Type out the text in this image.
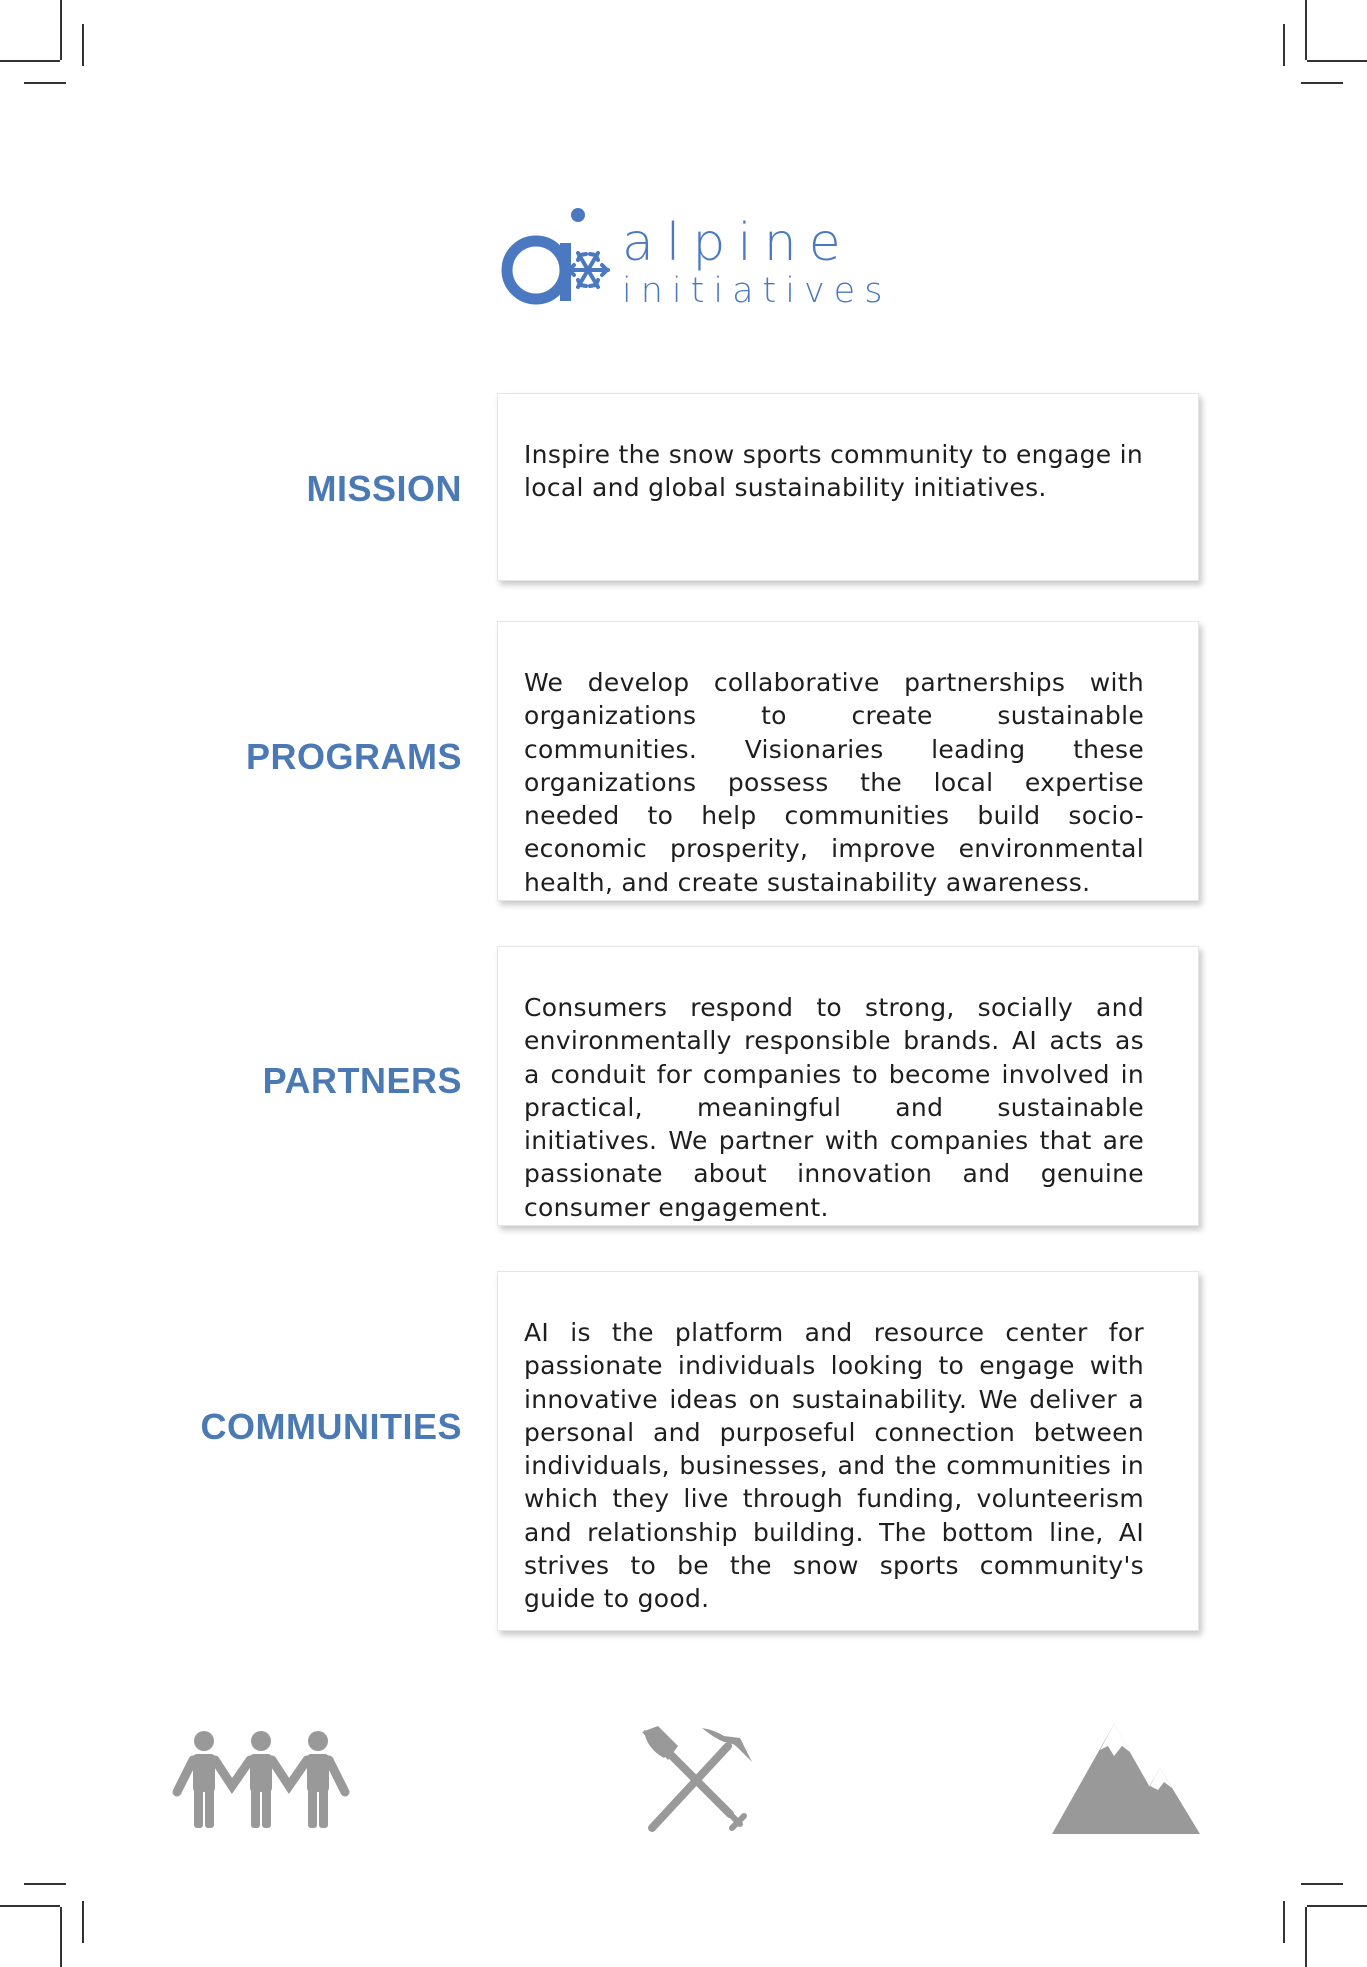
alpine
initiatives
MISSION

Inspire the snow sports community to engage in local and global sustainability initiatives.

PROGRAMS

We develop collaborative partnerships with organizations to create sustainable communities. Visionaries leading these organizations possess the local expertise needed to help communities build socio-economic prosperity, improve environmental health, and create sustainability awareness.

PARTNERS

Consumers respond to strong, socially and environmentally responsible brands. AI acts as a conduit for companies to become involved in practical, meaningful and sustainable initiatives. We partner with companies that are passionate about innovation and genuine consumer engagement.

COMMUNITIES

AI is the platform and resource center for passionate individuals looking to engage with innovative ideas on sustainability. We deliver a personal and purposeful connection between individuals, businesses, and the communities in which they live through funding, volunteerism and relationship building. The bottom line, AI strives to be the snow sports community's guide to good.
